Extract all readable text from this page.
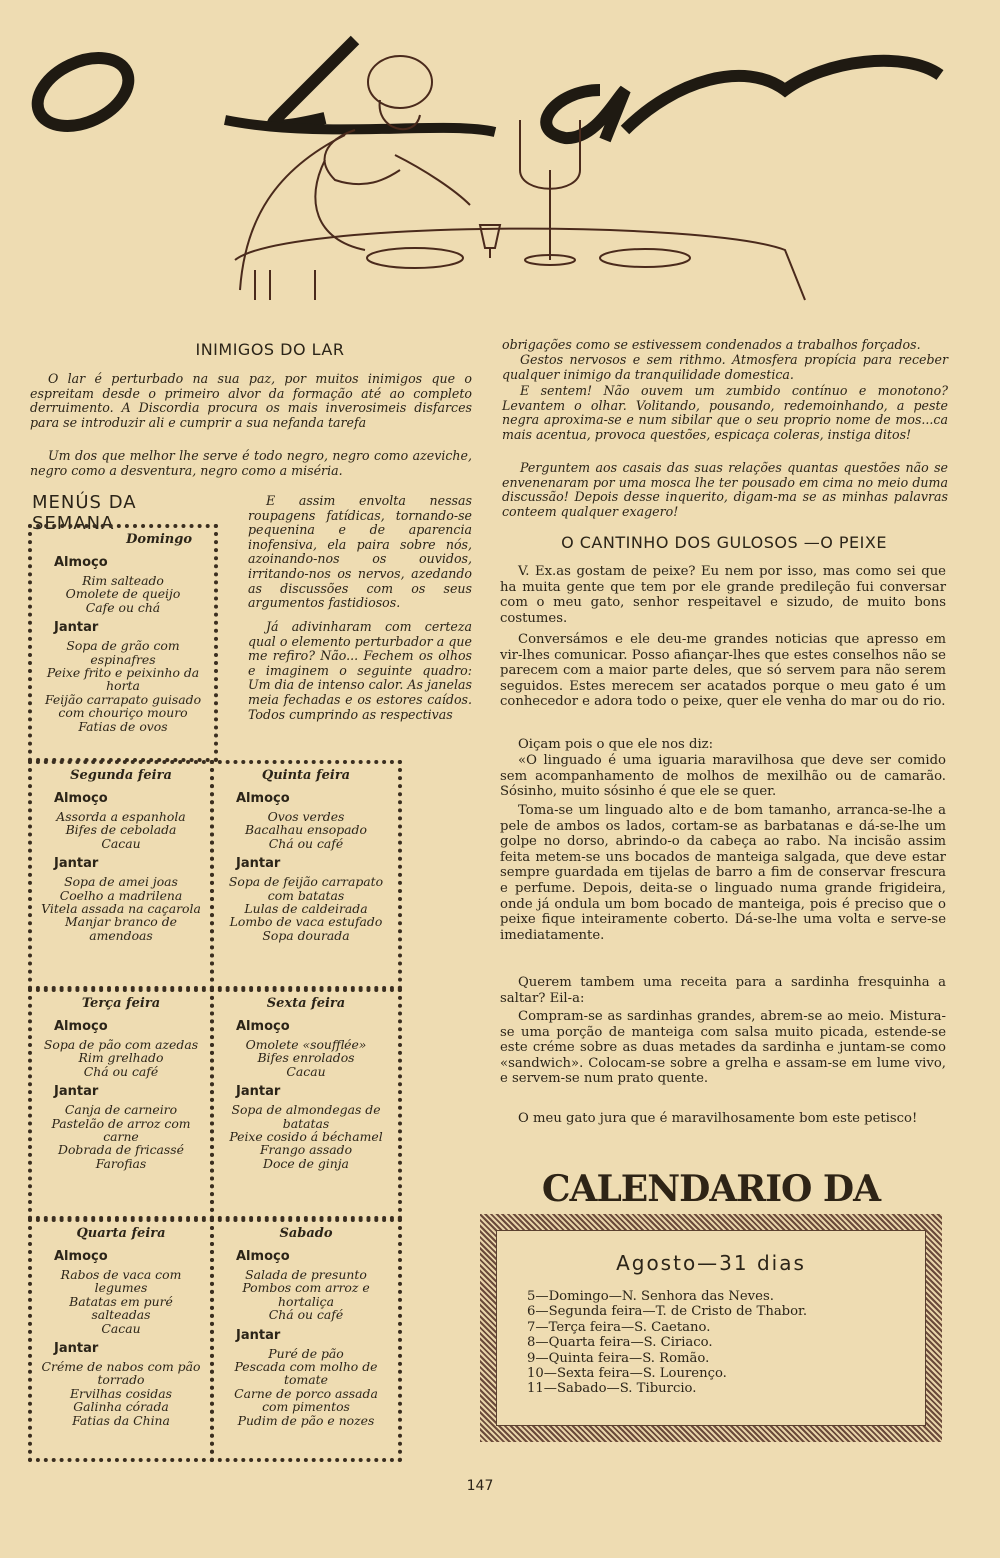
INIMIGOS DO LAR

O lar é perturbado na sua paz, por muitos inimigos que o espreitam desde o primeiro alvor da formação até ao completo derruimento. A Discordia procura os mais inverosimeis disfarces para se introduzir ali e cumprir a sua nefanda tarefa

Um dos que melhor lhe serve é todo negro, negro como azeviche, negro como a desventura, negro como a miséria.

E assim envolta nessas roupagens fatídicas, tornando-se pequenina e de aparencia inofensiva, ela paira sobre nós, azoinando-nos os ouvidos, irritando-nos os nervos, azedando as discussões com os seus argumentos fastidiosos.

Já adivinharam com certeza qual o elemento perturbador a que me refiro? Não... Fechem os olhos e imaginem o seguinte quadro: Um dia de intenso calor. As janelas meia fechadas e os estores caídos. Todos cumprindo as respectivas

obrigações como se estivessem condenados a trabalhos forçados.

Gestos nervosos e sem rithmo. Atmosfera propícia para receber qualquer inimigo da tranquilidade domestica.

E sentem! Não ouvem um zumbido contínuo e monotono? Levantem o olhar. Volitando, pousando, redemoinhando, a peste negra aproxima-se e num sibilar que o seu proprio nome de mos...ca mais acentua, provoca questões, espicaça coleras, instiga ditos!

Perguntem aos casais das suas relações quantas questões não se envenenaram por uma mosca lhe ter pousado em cima no meio duma discussão! Depois desse inquerito, digam-ma se as minhas palavras conteem qualquer exagero!

MENÚS DA SEMANA
Domingo
Almoço

Rim salteado

Omolete de queijo

Cafe ou chá

Jantar

Sopa de grão com espinafres

Peixe frito e peixinho da horta

Feijão carrapato guisado com chouriço mouro

Fatias de ovos

Segunda feira
Almoço

Assorda a espanhola

Bifes de cebolada

Cacau

Jantar

Sopa de amei joas

Coelho a madrilena

Vitela assada na caçarola

Manjar branco de amendoas

Quinta feira
Almoço

Ovos verdes

Bacalhau ensopado

Chá ou café

Jantar

Sopa de feijão carrapato com batatas

Lulas de caldeirada

Lombo de vaca estufado

Sopa dourada

Terça feira
Almoço

Sopa de pão com azedas

Rim grelhado

Chá ou café

Jantar

Canja de carneiro

Pastelão de arroz com carne

Dobrada de fricassé

Farofias

Sexta feira
Almoço

Omolete «soufflée»

Bifes enrolados

Cacau

Jantar

Sopa de almondegas de batatas

Peixe cosido á béchamel

Frango assado

Doce de ginja

Quarta feira
Almoço

Rabos de vaca com legumes

Batatas em puré salteadas

Cacau

Jantar

Créme de nabos com pão torrado

Ervilhas cosidas

Galinha córada

Fatias da China

Sabado
Almoço

Salada de presunto

Pombos com arroz e hortaliça

Chá ou café

Jantar

Puré de pão

Pescada com molho de tomate

Carne de porco assada com pimentos

Pudim de pão e nozes

O CANTINHO DOS GULOSOS —O PEIXE

V. Ex.as gostam de peixe? Eu nem por isso, mas como sei que ha muita gente que tem por ele grande predileção fui conversar com o meu gato, senhor respeitavel e sizudo, de muito bons costumes.

Conversámos e ele deu-me grandes noticias que apresso em vir-lhes comunicar. Posso afiançar-lhes que estes conselhos não se parecem com a maior parte deles, que só servem para não serem seguidos. Estes merecem ser acatados porque o meu gato é um conhecedor e adora todo o peixe, quer ele venha do mar ou do rio.

Oiçam pois o que ele nos diz:

«O linguado é uma iguaria maravilhosa que deve ser comido sem acompanhamento de molhos de mexilhão ou de camarão. Sósinho, muito sósinho é que ele se quer.

Toma-se um linguado alto e de bom tamanho, arranca-se-lhe a pele de ambos os lados, cortam-se as barbatanas e dá-se-lhe um golpe no dorso, abrindo-o da cabeça ao rabo. Na incisão assim feita metem-se uns bocados de manteiga salgada, que deve estar sempre guardada em tijelas de barro a fim de conservar frescura e perfume. Depois, deita-se o linguado numa grande frigideira, onde já ondula um bom bocado de manteiga, pois é preciso que o peixe fique inteiramente coberto. Dá-se-lhe uma volta e serve-se imediatamente.

Querem tambem uma receita para a sardinha fresquinha a saltar? Eil-a:

Compram-se as sardinhas grandes, abrem-se ao meio. Mistura-se uma porção de manteiga com salsa muito picada, estende-se este créme sobre as duas metades da sardinha e juntam-se como «sandwich». Colocam-se sobre a grelha e assam-se em lume vivo, e servem-se num prato quente.

O meu gato jura que é maravilhosamente bom este petisco!

CALENDARIO DA
Agosto—31 dias

5—Domingo—N. Senhora das Neves.

6—Segunda feira—T. de Cristo de Thabor.

7—Terça feira—S. Caetano.

8—Quarta feira—S. Ciriaco.

9—Quinta feira—S. Romão.

10—Sexta feira—S. Lourenço.

11—Sabado—S. Tiburcio.

147
